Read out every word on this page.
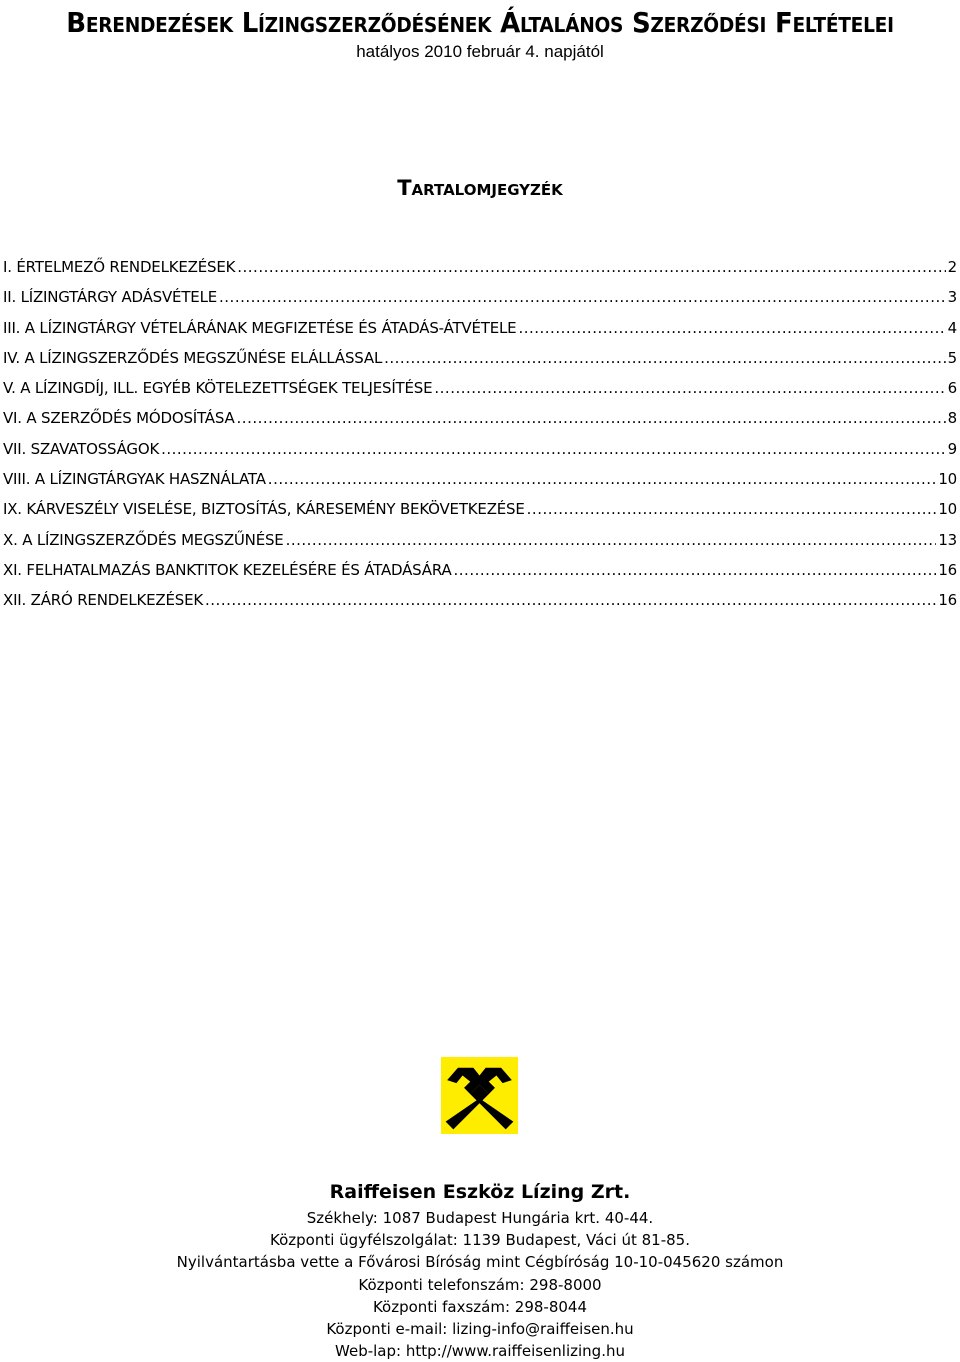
Berendezések Lízingszerződésének Általános Szerződési Feltételei
hatályos 2010 február 4. napjától
Tartalomjegyzék
I. ÉRTELMEZŐ RENDELKEZÉSEK .....	2
II. LÍZINGTÁRGY ADÁSVÉTELE .....	3
III. A LÍZINGTÁRGY VÉTELÁRÁNAK MEGFIZETÉSE ÉS ÁTADÁS-ÁTVÉTELE .....	4
IV. A LÍZINGSZERZŐDÉS MEGSZŰNÉSE ELÁLLÁSSAL .....	5
V. A LÍZINGDÍJ, ILL. EGYÉB KÖTELEZETTSÉGEK TELJESÍTÉSE .....	6
VI. A SZERZŐDÉS MÓDOSÍTÁSA .....	8
VII. SZAVATOSSÁGOK .....	9
VIII. A LÍZINGTÁRGYAK HASZNÁLATA .....	10
IX. KÁRVESZÉLY VISELÉSE, BIZTOSÍTÁS, KÁRESEMÉNY BEKÖVETKEZÉSE .....	10
X. A LÍZINGSZERZŐDÉS MEGSZŰNÉSE .....	13
XI. FELHATALMAZÁS BANKTITOK KEZELÉSÉRE ÉS ÁTADÁSÁRA .....	16
XII. ZÁRÓ RENDELKEZÉSEK .....	16
Raiffeisen Eszköz Lízing Zrt.
Székhely: 1087 Budapest Hungária krt. 40-44.
Központi ügyfélszolgálat: 1139 Budapest, Váci út 81-85.
Nyilvántartásba vette a Fővárosi Bíróság mint Cégbíróság 10-10-045620 számon
Központi telefonszám: 298-8000
Központi faxszám: 298-8044
Központi e-mail: lizing-info@raiffeisen.hu
Web-lap: http://www.raiffeisenlizing.hu
